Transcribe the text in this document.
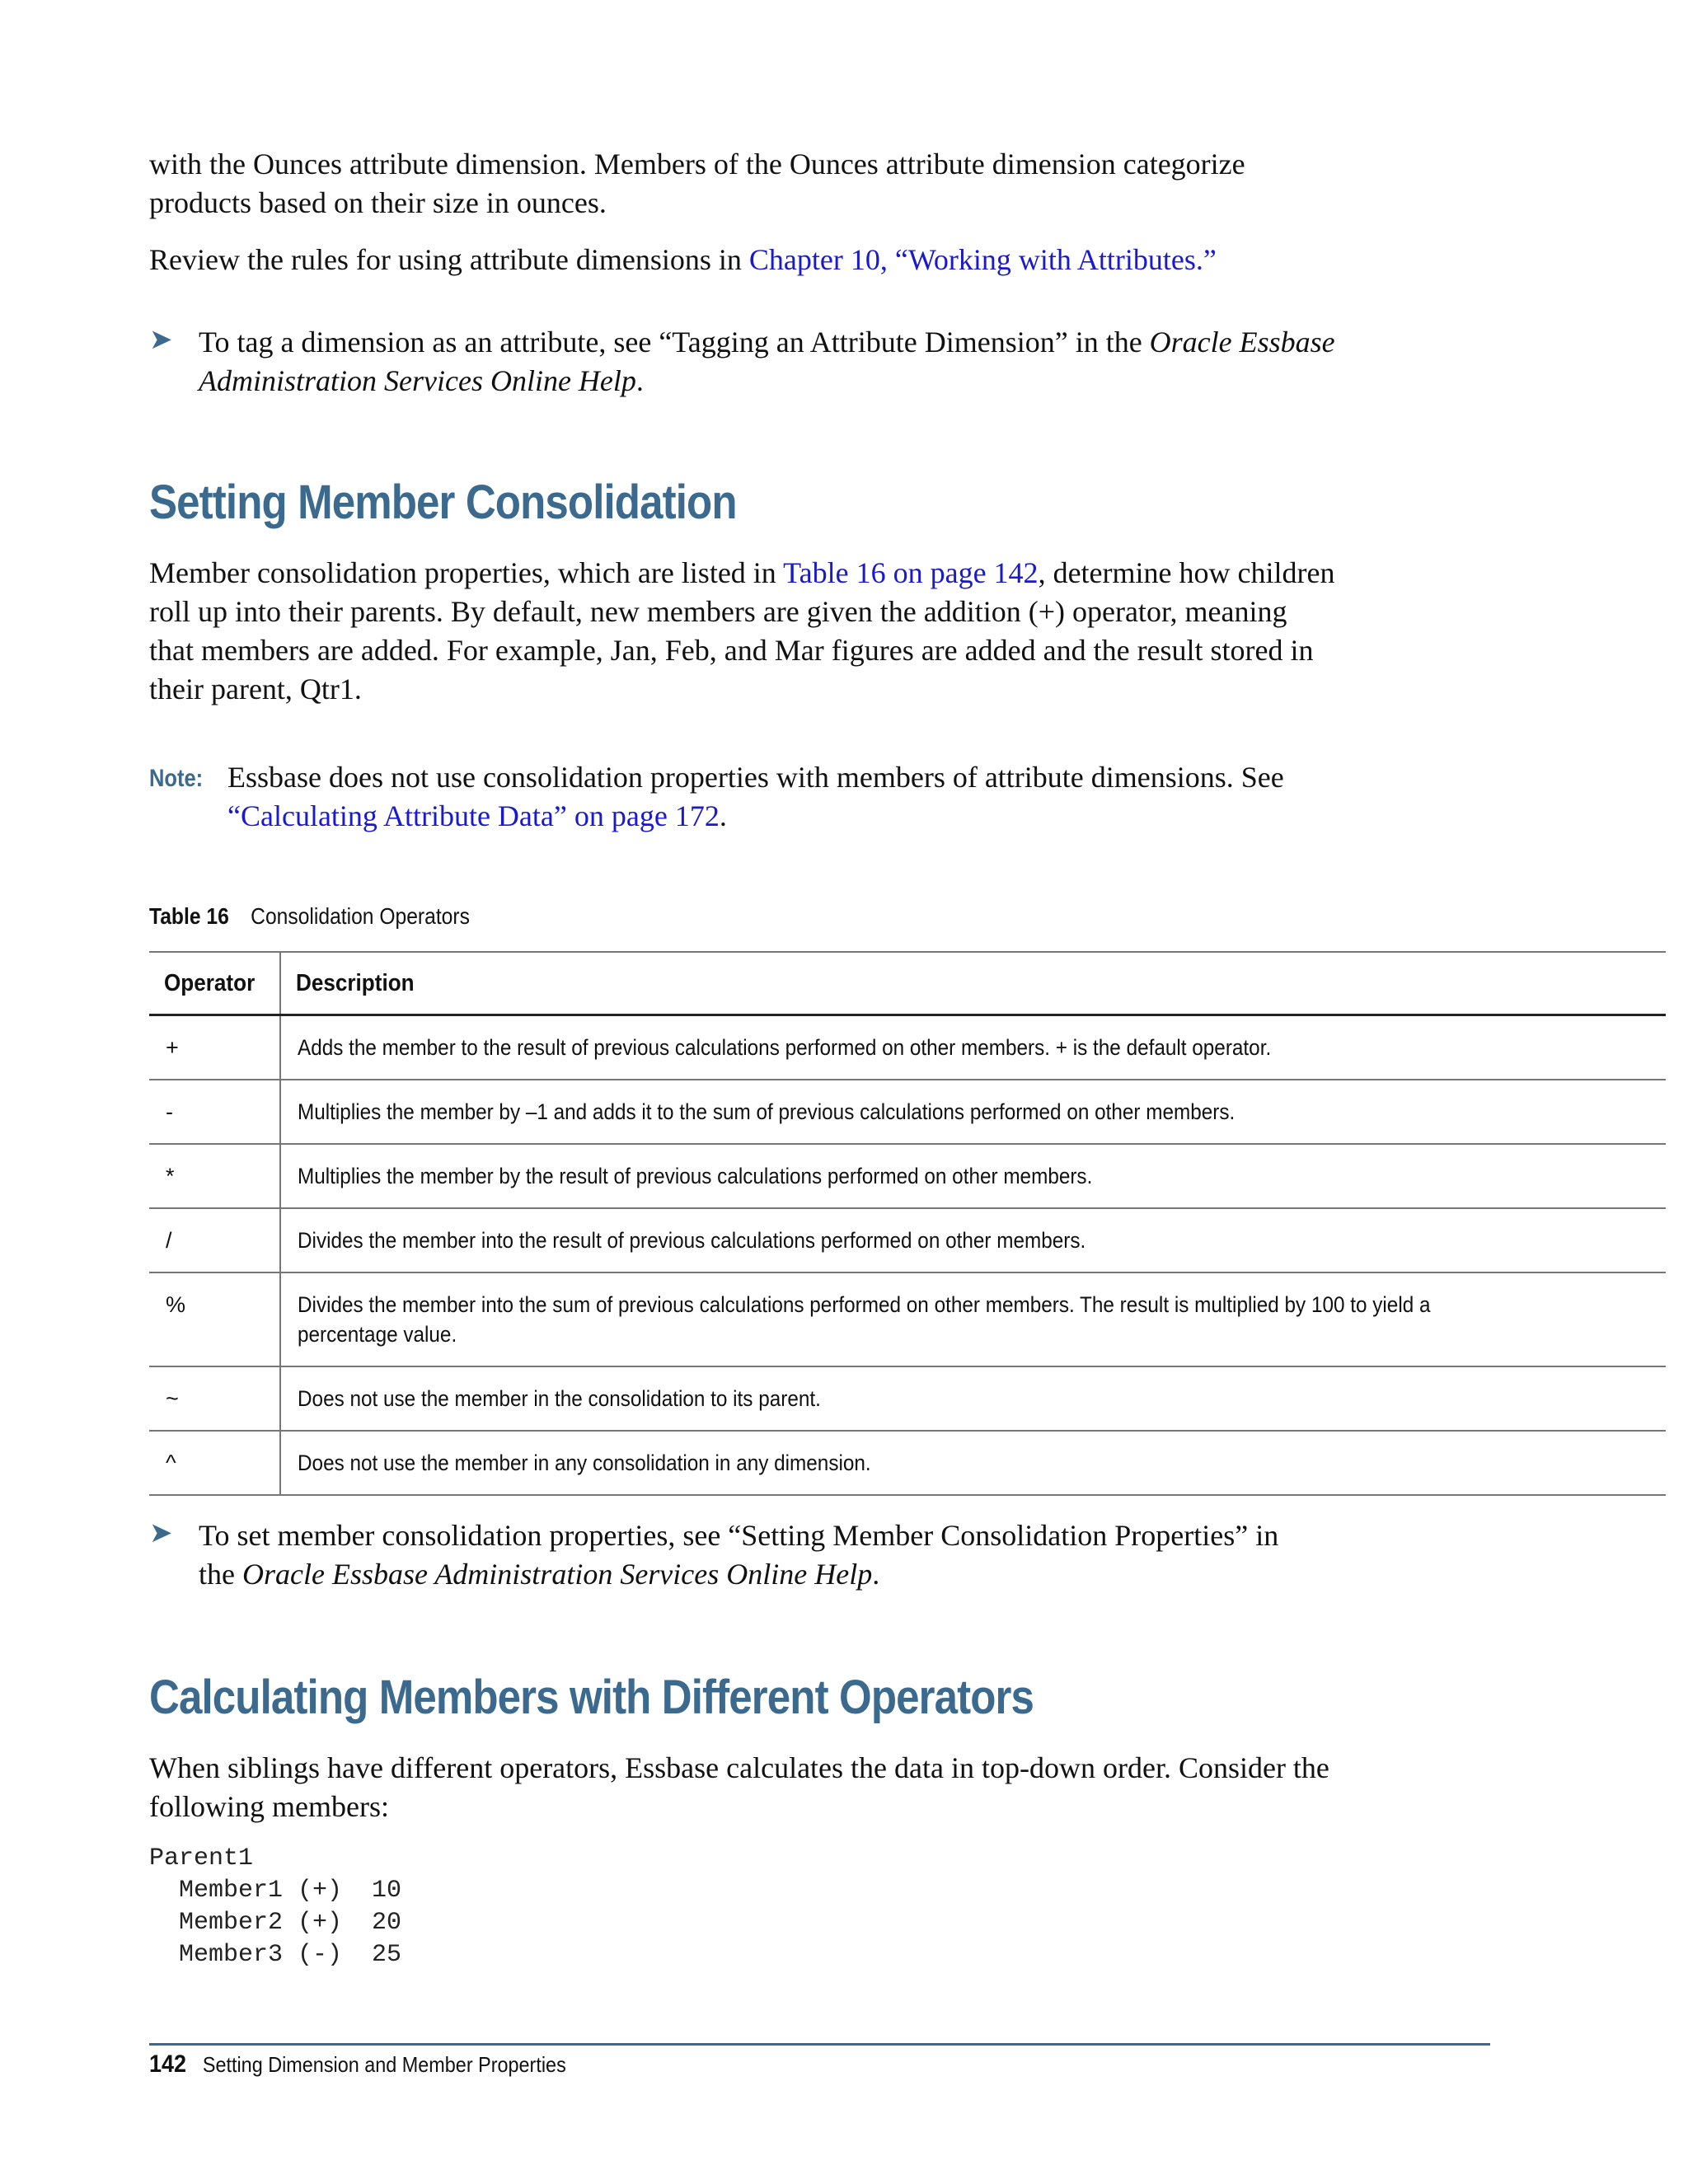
with the Ounces attribute dimension. Members of the Ounces attribute dimension categorize products based on their size in ounces.

Review the rules for using attribute dimensions in Chapter 10, “Working with Attributes.”

➤ To tag a dimension as an attribute, see “Tagging an Attribute Dimension” in the Oracle Essbase Administration Services Online Help.

Setting Member Consolidation

Member consolidation properties, which are listed in Table 16 on page 142, determine how children roll up into their parents. By default, new members are given the addition (+) operator, meaning that members are added. For example, Jan, Feb, and Mar figures are added and the result stored in their parent, Qtr1.

Note: Essbase does not use consolidation properties with members of attribute dimensions. See “Calculating Attribute Data” on page 172.

Table 16 Consolidation Operators
Operator	Description
+	Adds the member to the result of previous calculations performed on other members. + is the default operator.
-	Multiplies the member by –1 and adds it to the sum of previous calculations performed on other members.
*	Multiplies the member by the result of previous calculations performed on other members.
/	Divides the member into the result of previous calculations performed on other members.
%	Divides the member into the sum of previous calculations performed on other members. The result is multiplied by 100 to yield a percentage value.

~	Does not use the member in the consolidation to its parent.
^	Does not use the member in any consolidation in any dimension.
➤ To set member consolidation properties, see “Setting Member Consolidation Properties” in the Oracle Essbase Administration Services Online Help.

Calculating Members with Different Operators

When siblings have different operators, Essbase calculates the data in top-down order. Consider the following members:

Parent1
Member1 (+)  10
Member2 (+)  20
Member3 (-)  25
142 Setting Dimension and Member Properties
